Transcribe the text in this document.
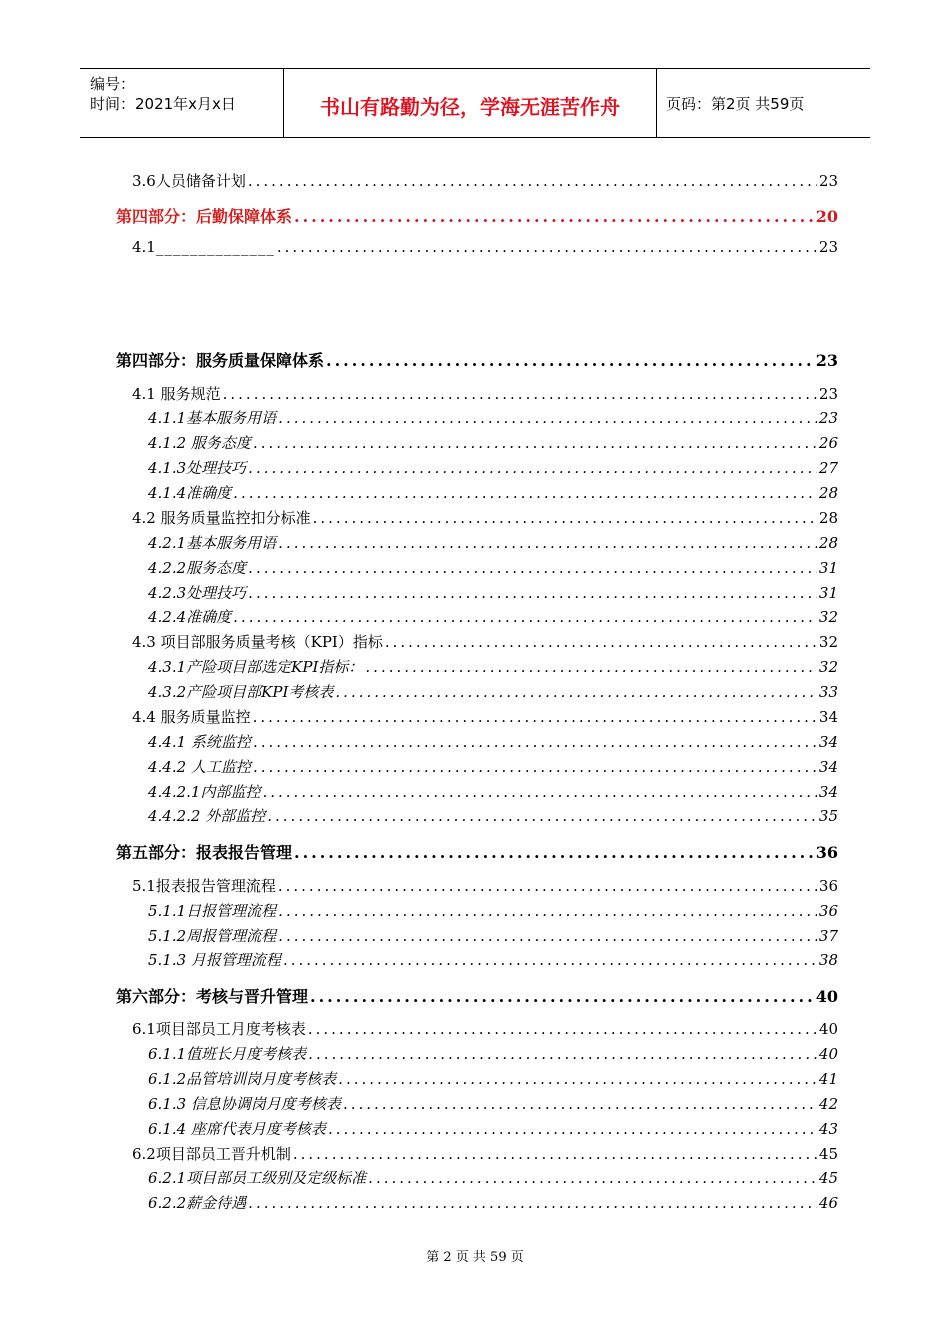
编号：
时间：2021年x月x日	书山有路勤为径，学海无涯苦作舟	页码：第2页 共59页
3.6人员储备计划 .....	23
第四部分：后勤保障体系 .....	20
4.1 ______________ .....	23
第四部分：服务质量保障体系 .....	23
4.1 服务规范 .....	23
4.1.1基本服务用语 .....	23
4.1.2 服务态度 .....	26
4.1.3处理技巧 .....	27
4.1.4准确度 .....	28
4.2 服务质量监控扣分标准 .....	28
4.2.1基本服务用语 .....	28
4.2.2服务态度 .....	31
4.2.3处理技巧 .....	31
4.2.4准确度 .....	32
4.3 项目部服务质量考核（KPI）指标 .....	32
4.3.1产险项目部选定KPI指标： .....	32
4.3.2产险项目部KPI考核表 .....	33
4.4 服务质量监控 .....	34
4.4.1 系统监控 .....	34
4.4.2 人工监控 .....	34
4.4.2.1内部监控 .....	34
4.4.2.2 外部监控 .....	35
第五部分：报表报告管理 .....	36
5.1报表报告管理流程 .....	36
5.1.1日报管理流程 .....	36
5.1.2周报管理流程 .....	37
5.1.3 月报管理流程 .....	38
第六部分：考核与晋升管理 .....	40
6.1项目部员工月度考核表 .....	40
6.1.1值班长月度考核表 .....	40
6.1.2品管培训岗月度考核表 .....	41
6.1.3 信息协调岗月度考核表 .....	42
6.1.4 座席代表月度考核表 .....	43
6.2项目部员工晋升机制 .....	45
6.2.1项目部员工级别及定级标准 .....	45
6.2.2薪金待遇 .....	46
第 2 页 共 59 页
